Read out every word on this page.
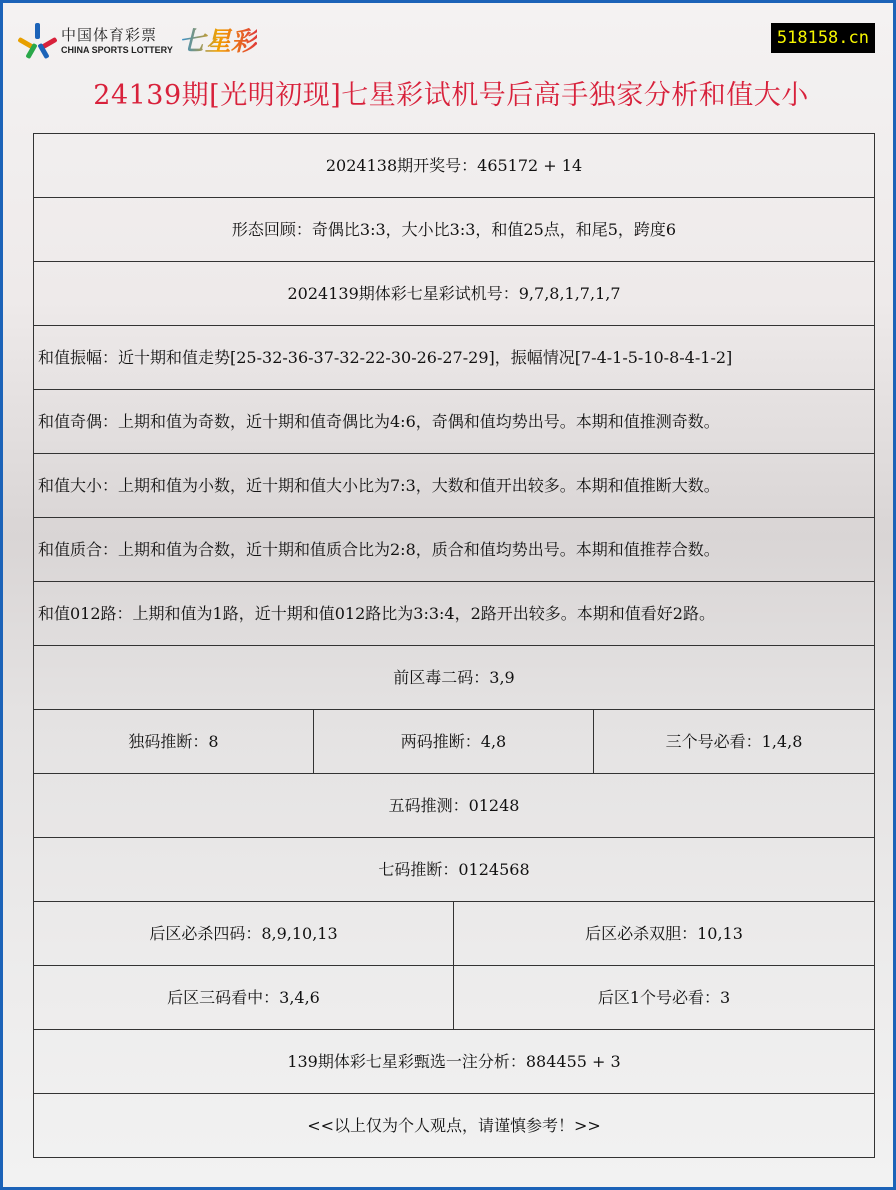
中国体育彩票
CHINA SPORTS LOTTERY 七星彩	518158.cn
24139期[光明初现]七星彩试机号后高手独家分析和值大小
2024138期开奖号：465172 + 14			
形态回顾：奇偶比3:3，大小比3:3，和值25点，和尾5，跨度6			
2024139期体彩七星彩试机号：9,7,8,1,7,1,7			
和值振幅：近十期和值走势[25-32-36-37-32-22-30-26-27-29]，振幅情况[7-4-1-5-10-8-4-1-2]			
和值奇偶：上期和值为奇数，近十期和值奇偶比为4:6，奇偶和值均势出号。本期和值推测奇数。			
和值大小：上期和值为小数，近十期和值大小比为7:3，大数和值开出较多。本期和值推断大数。			
和值质合：上期和值为合数，近十期和值质合比为2:8，质合和值均势出号。本期和值推荐合数。			
和值012路：上期和值为1路，近十期和值012路比为3:3:4，2路开出较多。本期和值看好2路。			
前区毒二码：3,9			
独码推断：8	两码推断：4,8		三个号必看：1,4,8
五码推测：01248			
七码推断：0124568			
后区必杀四码：8,9,10,13		后区必杀双胆：10,13	
后区三码看中：3,4,6		后区1个号必看：3	
139期体彩七星彩甄选一注分析：884455 + 3			
<<以上仅为个人观点，请谨慎参考！>>			
